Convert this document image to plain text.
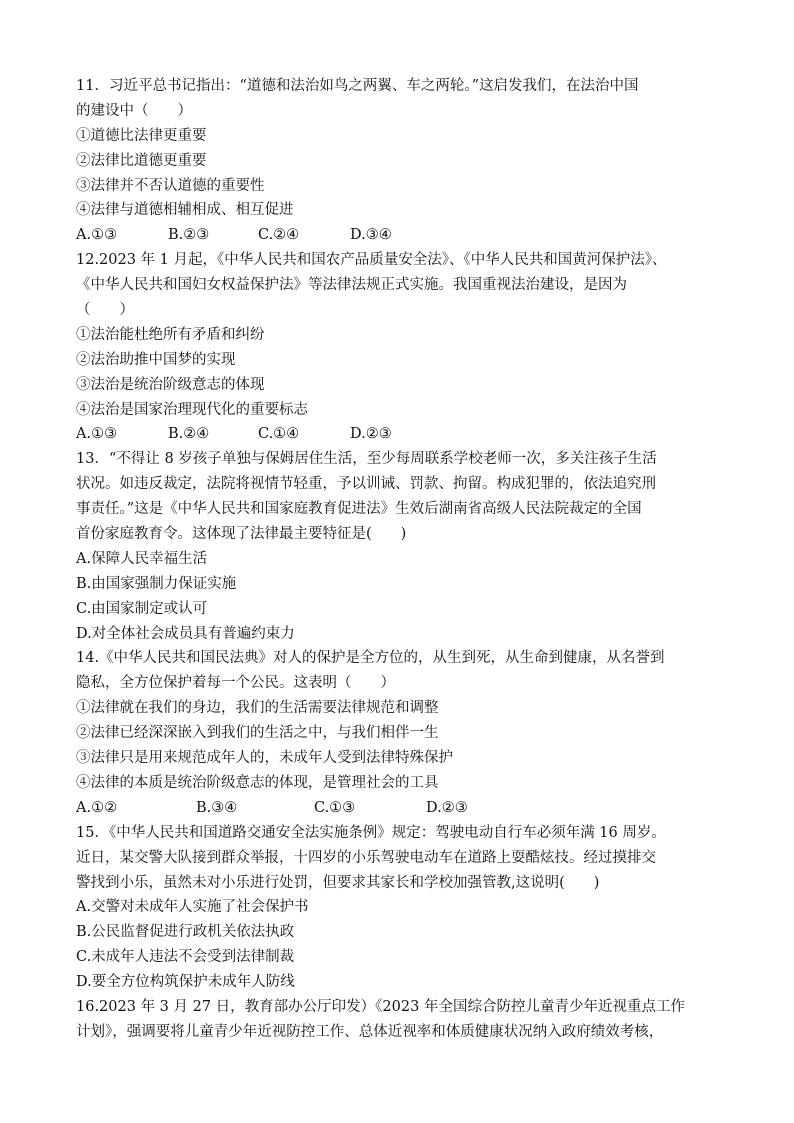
11．习近平总书记指出：“道德和法治如鸟之两翼、车之两轮。”这启发我们，在法治中国
的建设中（　　）
①道德比法律更重要
②法律比道德更重要
③法律并不否认道德的重要性
④法律与道德相辅相成、相互促进
A.①③	B.②③	C.②④	D.③④
12.2023 年 1 月起，《中华人民共和国农产品质量安全法》、《中华人民共和国黄河保护法》、
《中华人民共和国妇女权益保护法》等法律法规正式实施。我国重视法治建设，是因为
（　　）
①法治能杜绝所有矛盾和纠纷
②法治助推中国梦的实现
③法治是统治阶级意志的体现
④法治是国家治理现代化的重要标志
A.①③	B.②④	C.①④	D.②③
13．“不得让 8 岁孩子单独与保姆居住生活，至少每周联系学校老师一次，多关注孩子生活
状况。如违反裁定，法院将视情节轻重，予以训诫、罚款、拘留。构成犯罪的，依法追究刑
事责任。”这是《中华人民共和国家庭教育促进法》生效后湖南省高级人民法院裁定的全国
首份家庭教育令。这体现了法律最主要特征是(　　)
A.保障人民幸福生活
B.由国家强制力保证实施
C.由国家制定或认可
D.对全体社会成员具有普遍约束力
14.《中华人民共和国民法典》对人的保护是全方位的，从生到死，从生命到健康，从名誉到
隐私，全方位保护着每一个公民。这表明（　　）
①法律就在我们的身边，我们的生活需要法律规范和调整
②法律已经深深嵌入到我们的生活之中，与我们相伴一生
③法律只是用来规范成年人的，未成年人受到法律特殊保护
④法律的本质是统治阶级意志的体现，是管理社会的工具
A.①②	B.③④	C.①③	D.②③
15．《中华人民共和国道路交通安全法实施条例》规定：驾驶电动自行车必须年满 16 周岁。
近日，某交警大队接到群众举报，十四岁的小乐驾驶电动车在道路上耍酷炫技。经过摸排交
警找到小乐，虽然未对小乐进行处罚，但要求其家长和学校加强管教,这说明(　　)
A.交警对未成年人实施了社会保护书
B.公民监督促进行政机关依法执政
C.未成年人违法不会受到法律制裁
D.要全方位构筑保护未成年人防线
16.2023 年 3 月 27 日，教育部办公厅印发）《2023 年全国综合防控儿童青少年近视重点工作
计划》，强调要将儿童青少年近视防控工作、总体近视率和体质健康状况纳入政府绩效考核，
